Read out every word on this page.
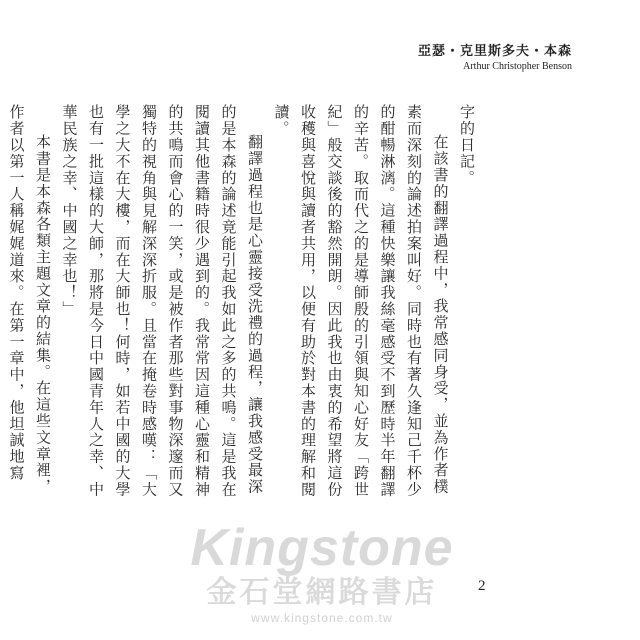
亞瑟・克里斯多夫・本森
Arthur Christopher Benson

字的日記。

在該書的翻譯過程中，我常感同身受，並為作者樸素而深刻的論述拍案叫好。同時也有著久逢知己千杯少的酣暢淋漓。這種快樂讓我絲毫感受不到歷時半年翻譯的辛苦。取而代之的是導師殷的引領與知心好友「跨世紀」般交談後的豁然開朗。因此我也由衷的希望將這份收穫與喜悅與讀者共用，以便有助於對本書的理解和閱讀。

翻譯過程也是心靈接受洗禮的過程，讓我感受最深的是本森的論述竟能引起我如此之多的共鳴。這是我在閱讀其他書籍時很少遇到的。我常常因這種心靈和精神的共鳴而會心的一笑，或是被作者那些對事物深邃而又獨特的視角與見解深深折服。且當在掩卷時感嘆：「大學之大不在大樓，而在大師也！何時，如若中國的大學也有一批這樣的大師，那將是今日中國青年人之幸、中華民族之幸、中國之幸也！」

本書是本森各類主題文章的結集。在這些文章裡，作者以第一人稱娓娓道來。在第一章中，他坦誠地寫

Kingstone
金石堂網路書店
www.kingstone.com.tw
2
